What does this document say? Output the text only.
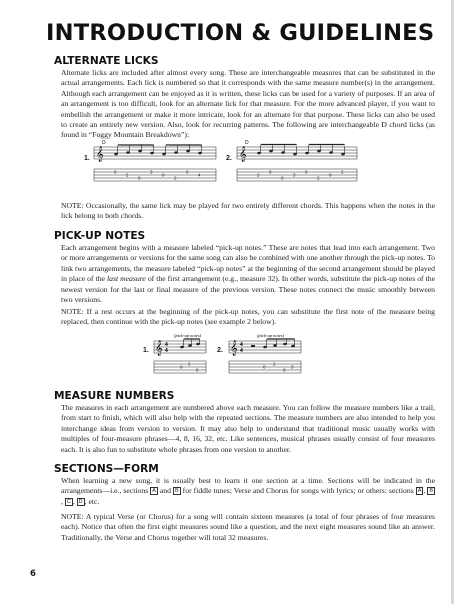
INTRODUCTION & GUIDELINES
ALTERNATE LICKS
Alternate licks are included after almost every song. These are interchangeable measures that can be substituted in the actual arrangements. Each lick is numbered so that it corresponds with the same measure number(s) in the arrangement. Although each arrangement can be enjoyed as it is written, these licks can be used for a variety of purposes. If an area of an arrangement is too difficult, look for an alternate lick for that measure. For the more advanced player, if you want to embellish the arrangement or make it more intricate, look for an alternate for that purpose. These licks can also be used to create an entirely new version. Also, look for recurring patterns. The following are interchangeable D chord licks (as found in “Foggy Mountain Breakdown”):
1.
D
𝄞
0
2
0
3
0
2
0
4
2.
D
𝄞
2
0
0
3
0
2
0
2
NOTE: Occasionally, the same lick may be played for two entirely different chords. This happens when the notes in the lick belong to both chords.
PICK-UP NOTES
Each arrangement begins with a measure labeled “pick-up notes.” These are notes that lead into each arrangement. Two or more arrangements or versions for the same song can also be combined with one another through the pick-up notes. To link two arrangements, the measure labeled “pick-up notes” at the beginning of the second arrangement should be played in place of the last measure of the first arrangement (e.g., measure 32). In other words, substitute the pick-up notes of the newest version for the last or final measure of the previous version. These notes connect the music smoothly between two versions.
NOTE: If a rest occurs at the beginning of the pick-up notes, you can substitute the first note of the measure being replaced, then continue with the pick-up notes (see example 2 below).
1.
(pick-up notes)
𝄞 4
4
0
2
0
2.
(pick-up notes)
𝄞 4
4
0
2
0
3
MEASURE NUMBERS
The measures in each arrangement are numbered above each measure. You can follow the measure numbers like a trail, from start to finish, which will also help with the repeated sections. The measure numbers are also intended to help you interchange ideas from version to version. It may also help to understand that traditional music usually works with multiples of four-measure phrases—4, 8, 16, 32, etc. Like sentences, musical phrases usually consist of four measures each. It is also fun to substitute whole phrases from one version to another.
SECTIONS—FORM
When learning a new song, it is usually best to learn it one section at a time. Sections will be indicated in the arrangements—i.e., sections A and B for fiddle tunes; Verse and Chorus for songs with lyrics; or others: sections A , B, C , D , etc.
NOTE: A typical Verse (or Chorus) for a song will contain sixteen measures (a total of four phrases of four measures each). Notice that often the first eight measures sound like a question, and the next eight measures sound like an answer. Traditionally, the Verse and Chorus together will total 32 measures.
6
